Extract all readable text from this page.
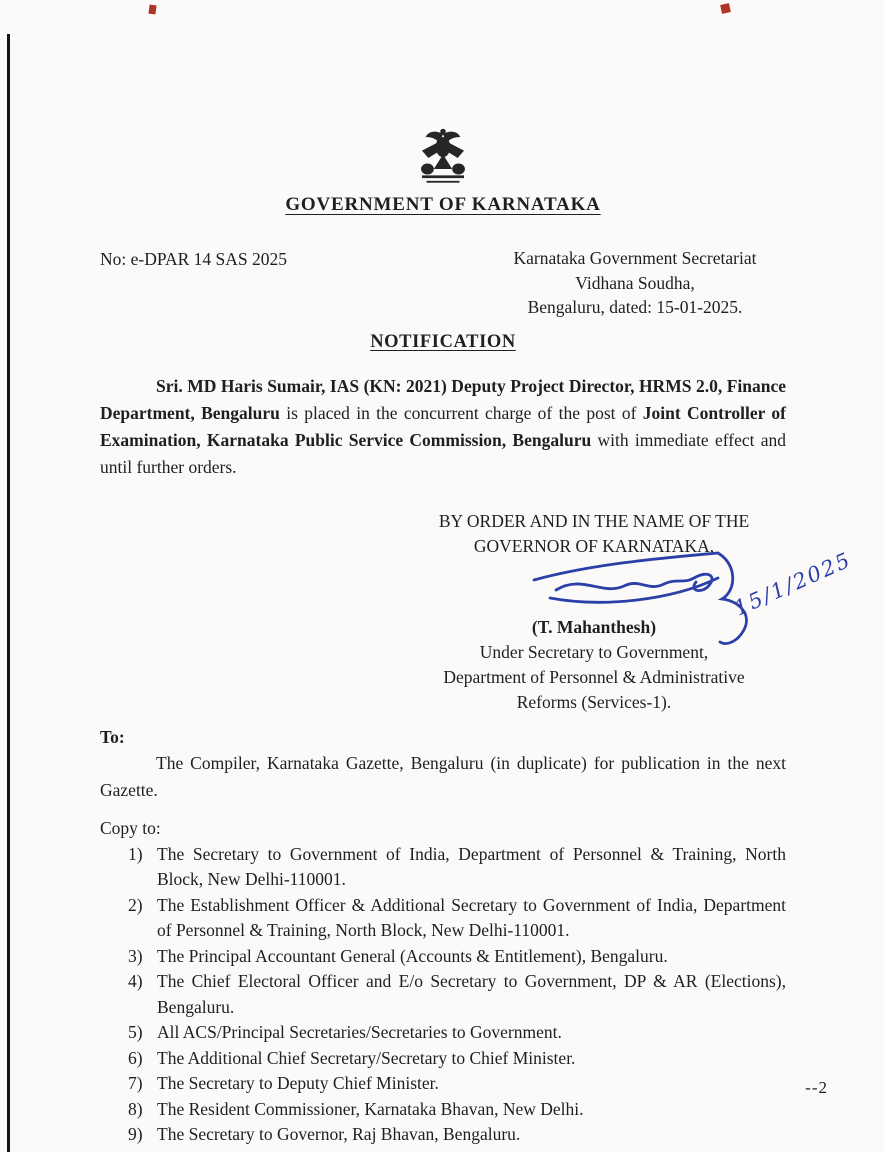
GOVERNMENT OF KARNATAKA
No: e-DPAR 14 SAS 2025	Karnataka Government Secretariat
Vidhana Soudha,
Bengaluru, dated: 15-01-2025.
NOTIFICATION

Sri. MD Haris Sumair, IAS (KN: 2021) Deputy Project Director, HRMS 2.0, Finance Department, Bengaluru is placed in the concurrent charge of the post of Joint Controller of Examination, Karnataka Public Service Commission, Bengaluru with immediate effect and until further orders.

BY ORDER AND IN THE NAME OF THE
GOVERNOR OF KARNATAKA,
(T. Mahanthesh)
Under Secretary to Government,
Department of Personnel & Administrative
Reforms (Services-1).
To:

The Compiler, Karnataka Gazette, Bengaluru (in duplicate) for publication in the next Gazette.

Copy to:
1) The Secretary to Government of India, Department of Personnel & Training, North Block, New Delhi-110001.
2) The Establishment Officer & Additional Secretary to Government of India, Department of Personnel & Training, North Block, New Delhi-110001.
3) The Principal Accountant General (Accounts & Entitlement), Bengaluru.
4) The Chief Electoral Officer and E/o Secretary to Government, DP & AR (Elections), Bengaluru.
5) All ACS/Principal Secretaries/Secretaries to Government.
6) The Additional Chief Secretary/Secretary to Chief Minister.
7) The Secretary to Deputy Chief Minister.
8) The Resident Commissioner, Karnataka Bhavan, New Delhi.
9) The Secretary to Governor, Raj Bhavan, Bengaluru.
15/1/2025
--2
